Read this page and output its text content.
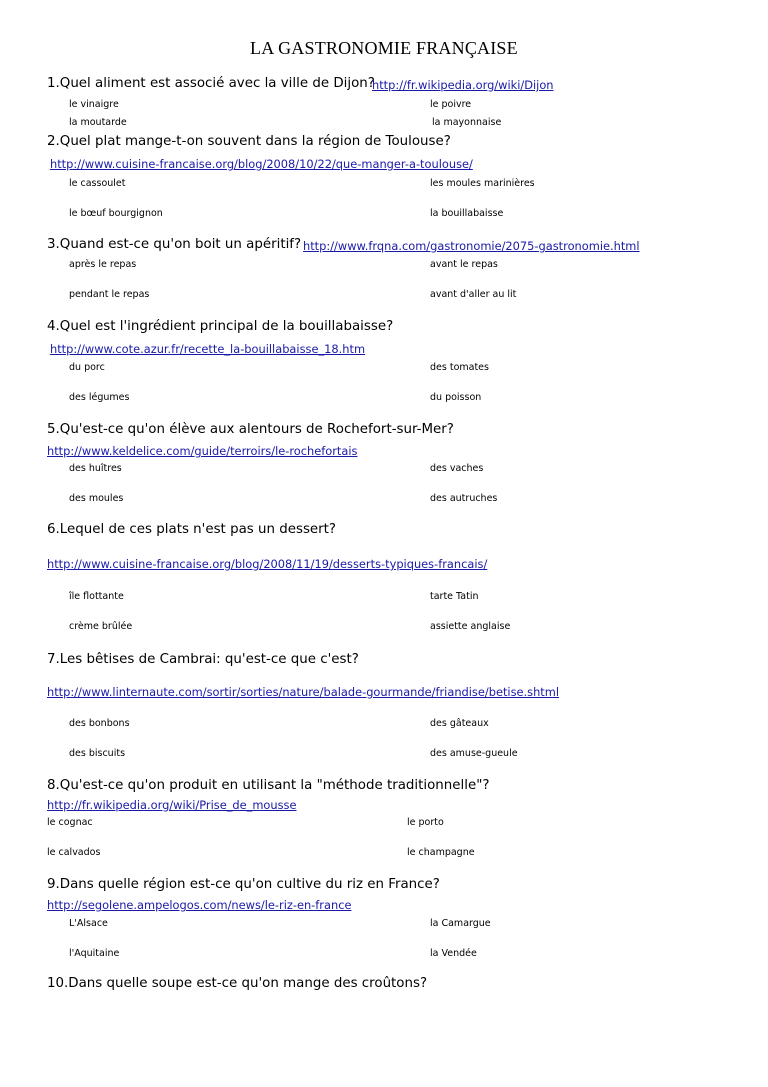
LA GASTRONOMIE FRANÇAISE
1.Quel aliment est associé avec la ville de Dijon?
http://fr.wikipedia.org/wiki/Dijon
le vinaigre	le poivre
la moutarde	la mayonnaise
2.Quel plat mange-t-on souvent dans la région de Toulouse?
http://www.cuisine-francaise.org/blog/2008/10/22/que-manger-a-toulouse/
le cassoulet	les moules marinières
le bœuf bourgignon	la bouillabaisse
3.Quand est-ce qu'on boit un apéritif? http://www.frqna.com/gastronomie/2075-gastronomie.html
après le repas	avant le repas
pendant le repas	avant d'aller au lit
4.Quel est l'ingrédient principal de la bouillabaisse?
http://www.cote.azur.fr/recette_la-bouillabaisse_18.htm
du porc	des tomates
des légumes	du poisson
5.Qu'est-ce qu'on élève aux alentours de Rochefort-sur-Mer?
http://www.keldelice.com/guide/terroirs/le-rochefortais
des huîtres	des vaches
des moules	des autruches
6.Lequel de ces plats n'est pas un dessert?
http://www.cuisine-francaise.org/blog/2008/11/19/desserts-typiques-francais/
île flottante	tarte Tatin
crème brûlée	assiette anglaise
7.Les bêtises de Cambrai: qu'est-ce que c'est?
http://www.linternaute.com/sortir/sorties/nature/balade-gourmande/friandise/betise.shtml
des bonbons	des gâteaux
des biscuits	des amuse-gueule
8.Qu'est-ce qu'on produit en utilisant la "méthode traditionnelle"?
http://fr.wikipedia.org/wiki/Prise_de_mousse
le cognac	le porto
le calvados	le champagne
9.Dans quelle région est-ce qu'on cultive du riz en France?
http://segolene.ampelogos.com/news/le-riz-en-france
L'Alsace	la Camargue
l'Aquitaine	la Vendée
10.Dans quelle soupe est-ce qu'on mange des croûtons?
